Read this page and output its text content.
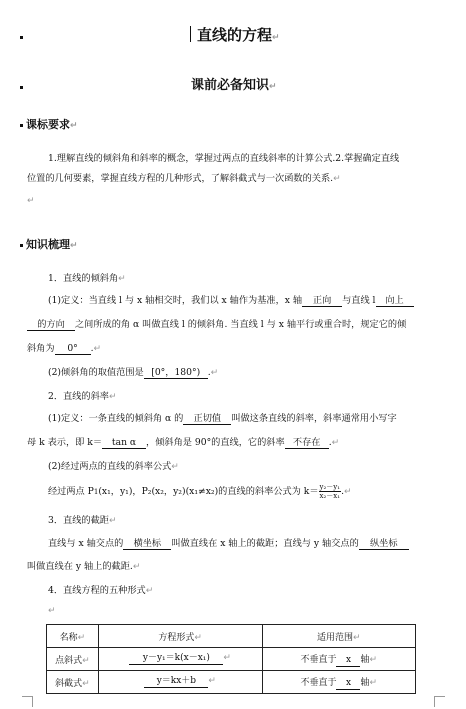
直线的方程↵
课前必备知识↵
课标要求↵
1.理解直线的倾斜角和斜率的概念，掌握过两点的直线斜率的计算公式.2.掌握确定直线
位置的几何要素，掌握直线方程的几种形式，了解斜截式与一次函数的关系.↵
↵
知识梳理↵
1．直线的倾斜角↵
(1)定义：当直线 l 与 x 轴相交时，我们以 x 轴作为基准，x 轴 正向 与直线 l 向上
的方向 之间所成的角 α 叫做直线 l 的倾斜角. 当直线 l 与 x 轴平行或重合时，规定它的倾
斜角为 0° .↵
(2)倾斜角的取值范围是 [0°，180°) .↵
2．直线的斜率↵
(1)定义：一条直线的倾斜角 α 的 正切值 叫做这条直线的斜率，斜率通常用小写字
母 k 表示，即 k＝ tan α ，倾斜角是 90°的直线，它的斜率 不存在 .↵
(2)经过两点的直线的斜率公式↵
经过两点 P1(x₁，y₁)，P₂(x₂，y₂)(x₁≠x₂)的直线的斜率公式为 $k= \frac{\text{y₂－y₁}}{\text{x₂－x₁}}$ .↵
3．直线的截距↵
直线与 x 轴交点的 横坐标 叫做直线在 x 轴上的截距；直线与 y 轴交点的 纵坐标
叫做直线在 y 轴上的截距.↵
4．直线方程的五种形式↵
↵
名称↵	方程形式↵	适用范围↵
点斜式↵	y－y₁＝k(x－x₁) ↵	不垂直于 x 轴↵
斜截式↵	y＝kx＋b ↵	不垂直于 x 轴↵
